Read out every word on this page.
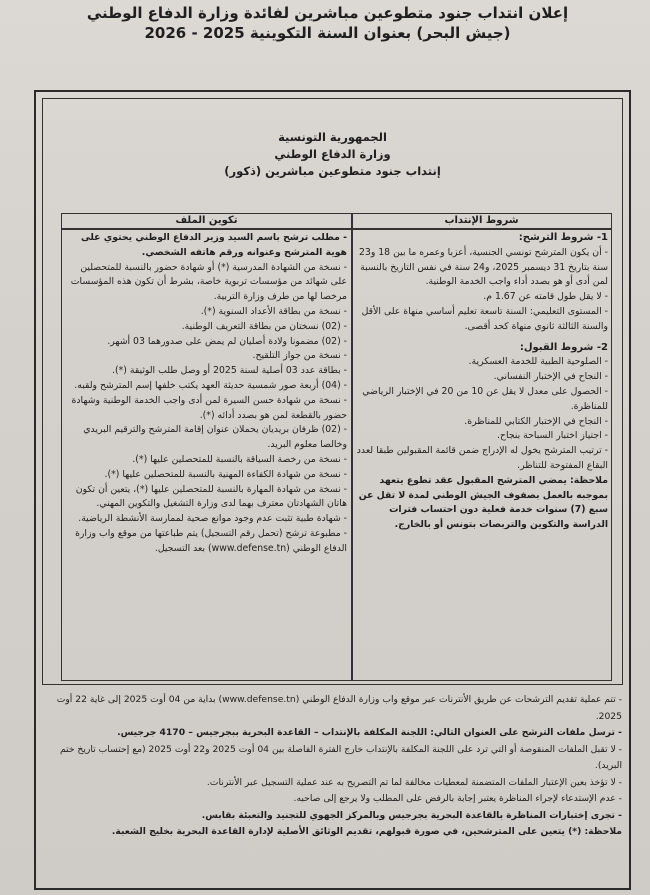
إعلان انتداب جنود متطوعين مباشرين لفائدة وزارة الدفاع الوطني
(جيش البحر) بعنوان السنة التكوينية 2025 - 2026
الجمهورية التونسية
وزارة الدفاع الوطني
إنتداب جنود متطوعين مباشرين (ذكور)
شروط الإنتداب
تكوين الملف

1- شروط الترشح:

- أن يكون المترشح تونسي الجنسية، أعزبا وعمره ما بين 18 و23 سنة بتاريخ 31 ديسمبر 2025، و24 سنة في نفس التاريخ بالنسبة لمن أدى أو هو بصدد أداء واجب الخدمة الوطنية.

- لا يقل طول قامته عن 1.67 م.

- المستوى التعليمي: السنة تاسعة تعليم أساسي منهاة على الأقل والسنة الثالثة ثانوي منهاة كحد أقصى.

2- شروط القبول:

- الصلوحية الطبية للخدمة العسكرية.

- النجاح في الإختبار النفساني.

- الحصول على معدل لا يقل عن 10 من 20 في الإختبار الرياضي للمناظرة.

- النجاح في الإختبار الكتابي للمناظرة.

- اجتياز اختبار السباحة بنجاح.

- ترتيب المترشح يخول له الإدراج ضمن قائمة المقبولين طبقا لعدد البقاع المفتوحة للتناظر.

ملاحظة: يمضي المترشح المقبول عقد تطوع يتعهد بموجبه بالعمل بصفوف الجيش الوطني لمدة لا تقل عن سبع (7) سنوات خدمة فعلية دون احتساب فترات الدراسة والتكوين والتربصات بتونس أو بالخارج.

- مطلب ترشح باسم السيد وزير الدفاع الوطني يحتوي على هوية المترشح وعنوانه ورقم هاتفه الشخصي.

- نسخة من الشهادة المدرسية (*) أو شهادة حضور بالنسبة للمتحصلين على شهائد من مؤسسات تربوية خاصة، بشرط أن تكون هذه المؤسسات مرخصا لها من طرف وزارة التربية.

- نسخة من بطاقة الأعداد السنوية (*).

- (02) نسختان من بطاقة التعريف الوطنية.

- (02) مضمونا ولادة أصليان لم يمض على صدورهما 03 أشهر.

- نسخة من جواز التلقيح.

- بطاقة عدد 03 أصلية لسنة 2025 أو وصل طلب الوثيقة (*).

- (04) أربعة صور شمسية حديثة العهد يكتب خلفها إسم المترشح ولقبه.

- نسخة من شهادة حسن السيرة لمن أدى واجب الخدمة الوطنية وشهادة حضور بالقطعة لمن هو بصدد أدائه (*).

- (02) ظرفان بريديان يحملان عنوان إقامة المترشح والترقيم البريدي وخالصا معلوم البريد.

- نسخة من رخصة السياقة بالنسبة للمتحصلين عليها (*).

- نسخة من شهادة الكفاءة المهنية بالنسبة للمتحصلين عليها (*).

- نسخة من شهادة المهارة بالنسبة للمتحصلين عليها (*)، يتعين أن تكون هاتان الشهادتان معترف بهما لدى وزارة التشغيل والتكوين المهني.

- شهادة طبية تثبت عدم وجود موانع صحية لممارسة الأنشطة الرياضية.

- مطبوعة ترشح (تحمل رقم التسجيل) يتم طباعتها من موقع واب وزارة الدفاع الوطني (www.defense.tn) بعد التسجيل.

- تتم عملية تقديم الترشحات عن طريق الأنترنات عبر موقع واب وزارة الدفاع الوطني (www.defense.tn) بداية من 04 أوت 2025 إلى غاية 22 أوت 2025.

- ترسل ملفات الترشح على العنوان التالي: اللجنة المكلفة بالإنتداب – القاعدة البحرية ببجرجيس – 4170 جرجيس.

- لا تقبل الملفات المنقوصة أو التي ترد على اللجنة المكلفة بالإنتداب خارج الفترة الفاصلة بين 04 أوت 2025 و22 أوت 2025 (مع إحتساب تاريخ ختم البريد).

- لا تؤخذ بعين الإعتبار الملفات المتضمنة لمعطيات مخالفة لما تم التصريح به عند عملية التسجيل عبر الأنترنات.

- عدم الإستدعاء لإجراء المناظرة يعتبر إجابة بالرفض على المطلب ولا يرجع إلى صاحبه.

- تجرى إختبارات المناظرة بالقاعدة البحرية بجرجيس وبالمركز الجهوي للتجنيد والتعبئة بقابس.

ملاحظة: (*) يتعين على المترشحين، في صورة قبولهم، تقديم الوثائق الأصلية لإدارة القاعدة البحرية بخليج الشعبة.
